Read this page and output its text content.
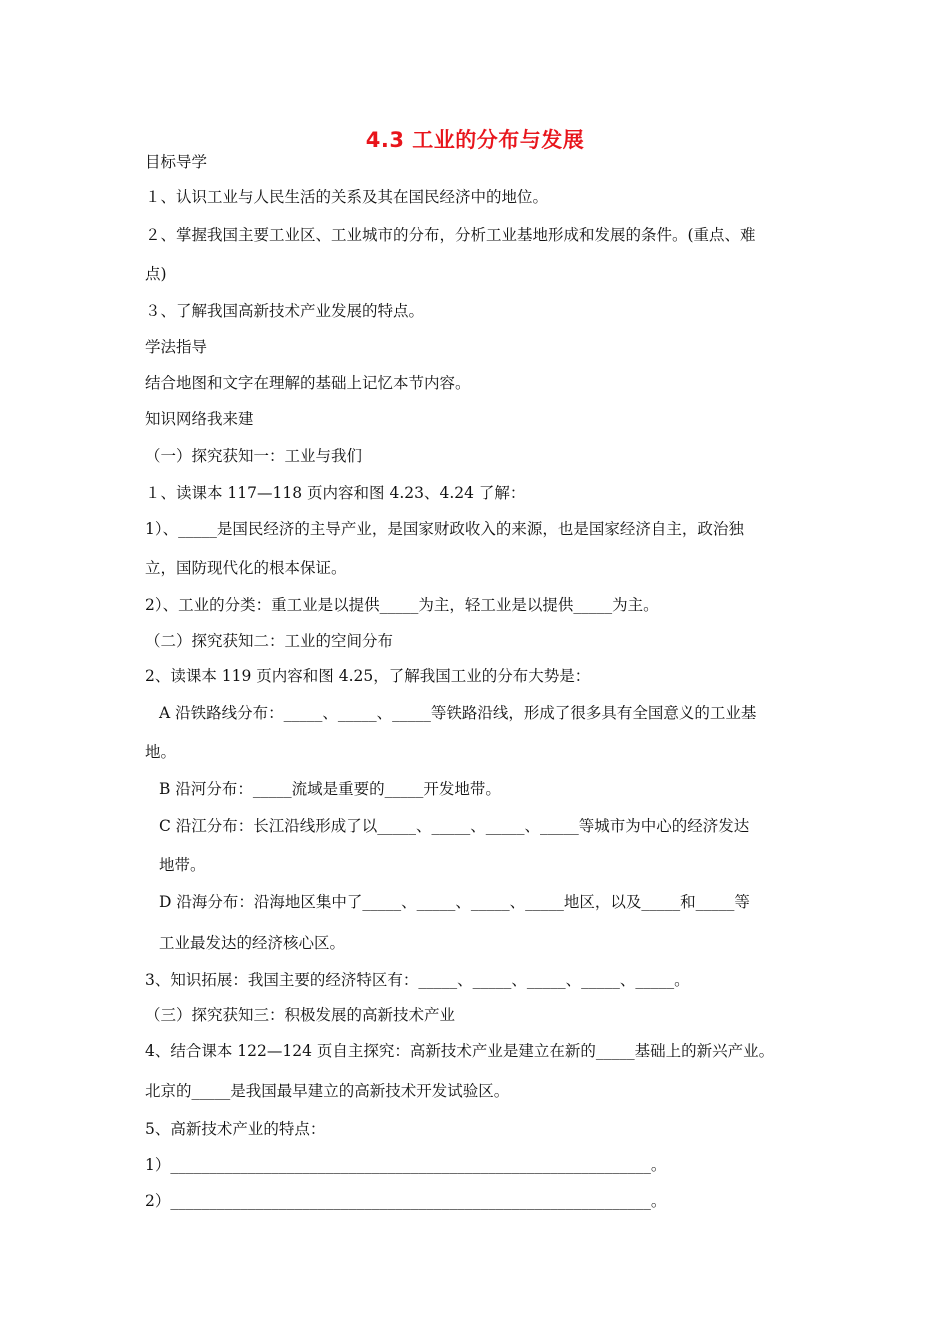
4.3 工业的分布与发展
目标导学
１、认识工业与人民生活的关系及其在国民经济中的地位。
２、掌握我国主要工业区、工业城市的分布，分析工业基地形成和发展的条件。(重点、难
点)
３、了解我国高新技术产业发展的特点。
学法指导
结合地图和文字在理解的基础上记忆本节内容。
知识网络我来建
（一）探究获知一：工业与我们
１、读课本 117—118 页内容和图 4.23、4.24 了解：
1）、_____是国民经济的主导产业，是国家财政收入的来源，也是国家经济自主，政治独
立，国防现代化的根本保证。
2）、工业的分类：重工业是以提供_____为主，轻工业是以提供_____为主。
（二）探究获知二：工业的空间分布
2、读课本 119 页内容和图 4.25，了解我国工业的分布大势是：
A 沿铁路线分布：_____、_____、_____等铁路沿线，形成了很多具有全国意义的工业基
地。
B 沿河分布：_____流域是重要的_____开发地带。
C 沿江分布：长江沿线形成了以_____、_____、_____、_____等城市为中心的经济发达
地带。
D 沿海分布：沿海地区集中了_____、_____、_____、_____地区，以及_____和_____等
工业最发达的经济核心区。
3、知识拓展：我国主要的经济特区有：_____、_____、_____、_____、_____。
（三）探究获知三：积极发展的高新技术产业
4、结合课本 122—124 页自主探究：高新技术产业是建立在新的_____基础上的新兴产业。
北京的_____是我国最早建立的高新技术开发试验区。
5、高新技术产业的特点：
1）______________________________________________________________。
2）______________________________________________________________。
